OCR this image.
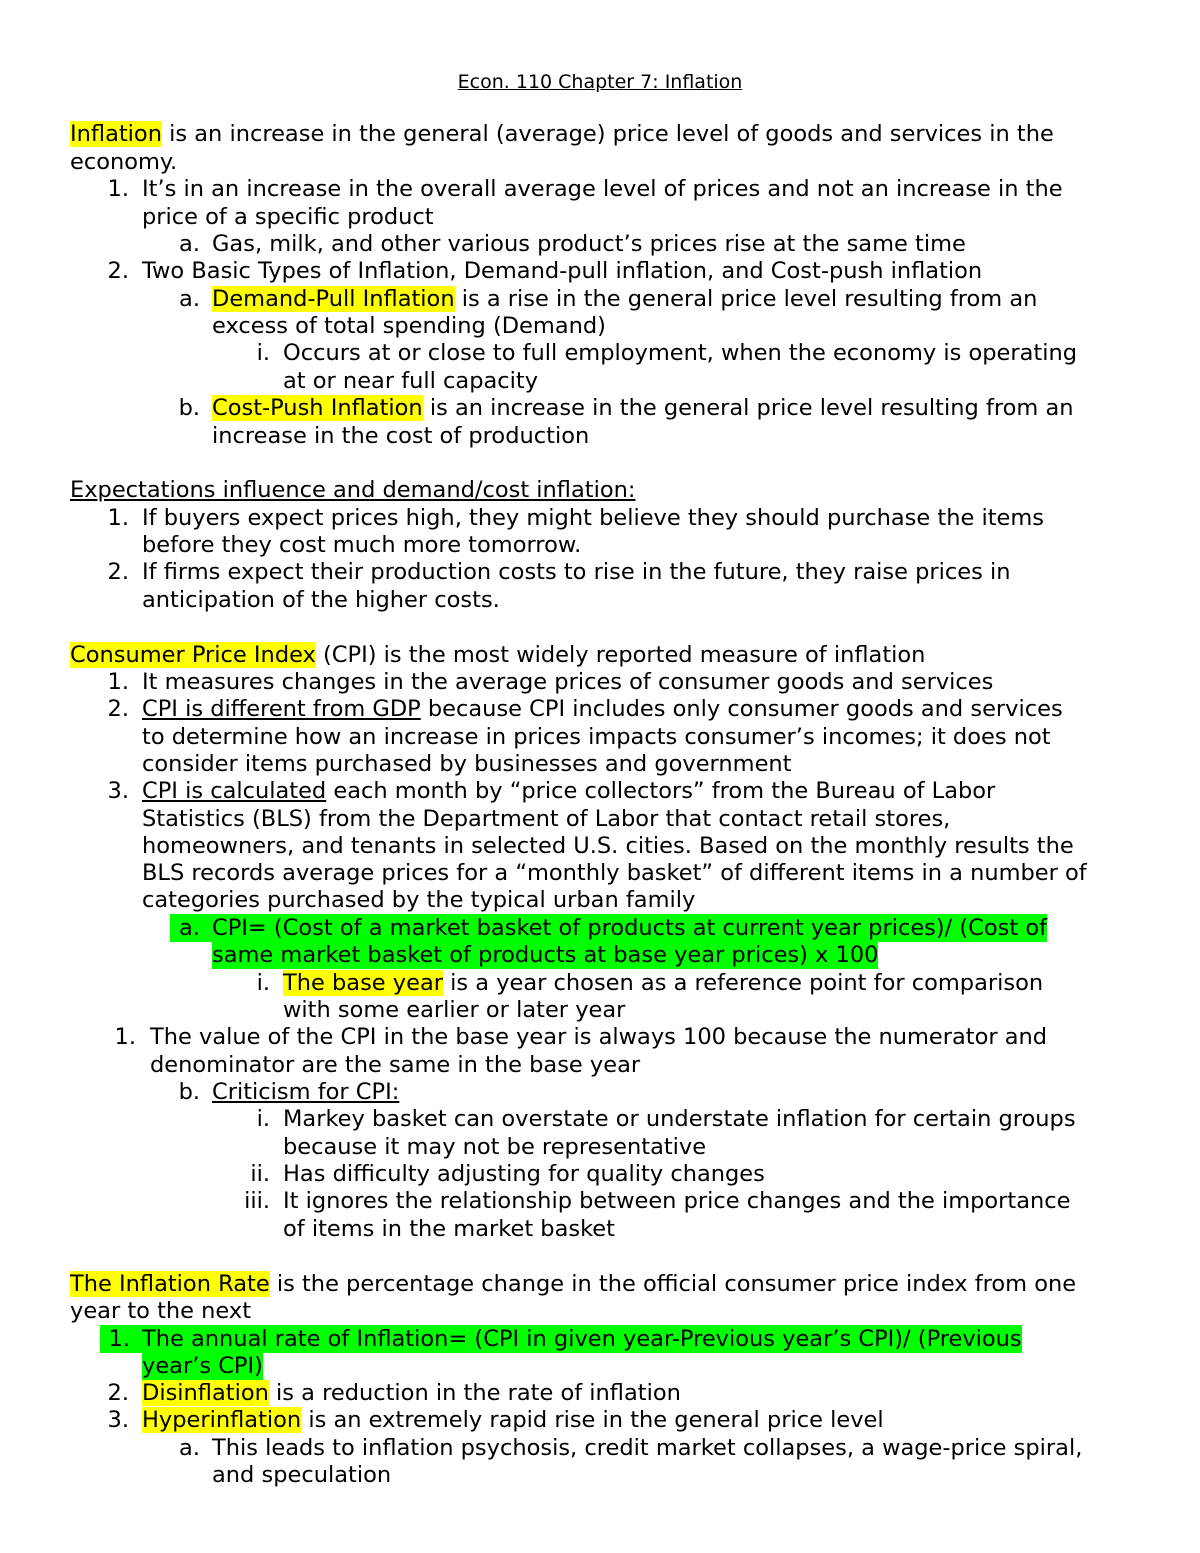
Econ. 110 Chapter 7: Inflation
Inflation is an increase in the general (average) price level of goods and services in the
economy.
1. It’s in an increase in the overall average level of prices and not an increase in the
price of a specific product
a. Gas, milk, and other various product’s prices rise at the same time
2. Two Basic Types of Inflation, Demand-pull inflation, and Cost-push inflation
a. Demand-Pull Inflation is a rise in the general price level resulting from an
excess of total spending (Demand)
i. Occurs at or close to full employment, when the economy is operating
at or near full capacity
b. Cost-Push Inflation is an increase in the general price level resulting from an
increase in the cost of production
Expectations influence and demand/cost inflation:
1. If buyers expect prices high, they might believe they should purchase the items
before they cost much more tomorrow.
2. If firms expect their production costs to rise in the future, they raise prices in
anticipation of the higher costs.
Consumer Price Index (CPI) is the most widely reported measure of inflation
1. It measures changes in the average prices of consumer goods and services
2. CPI is different from GDP because CPI includes only consumer goods and services
to determine how an increase in prices impacts consumer’s incomes; it does not
consider items purchased by businesses and government
3. CPI is calculated each month by “price collectors” from the Bureau of Labor
Statistics (BLS) from the Department of Labor that contact retail stores,
homeowners, and tenants in selected U.S. cities. Based on the monthly results the
BLS records average prices for a “monthly basket” of different items in a number of
categories purchased by the typical urban family
a. CPI= (Cost of a market basket of products at current year prices)/ (Cost of
same market basket of products at base year prices) x 100
i. The base year is a year chosen as a reference point for comparison
with some earlier or later year
1. The value of the CPI in the base year is always 100 because the numerator and
denominator are the same in the base year
b. Criticism for CPI:
i. Markey basket can overstate or understate inflation for certain groups
because it may not be representative
ii. Has difficulty adjusting for quality changes
iii. It ignores the relationship between price changes and the importance
of items in the market basket
The Inflation Rate is the percentage change in the official consumer price index from one
year to the next
1. The annual rate of Inflation= (CPI in given year-Previous year’s CPI)/ (Previous
year’s CPI)
2. Disinflation is a reduction in the rate of inflation
3. Hyperinflation is an extremely rapid rise in the general price level
a. This leads to inflation psychosis, credit market collapses, a wage-price spiral,
and speculation
